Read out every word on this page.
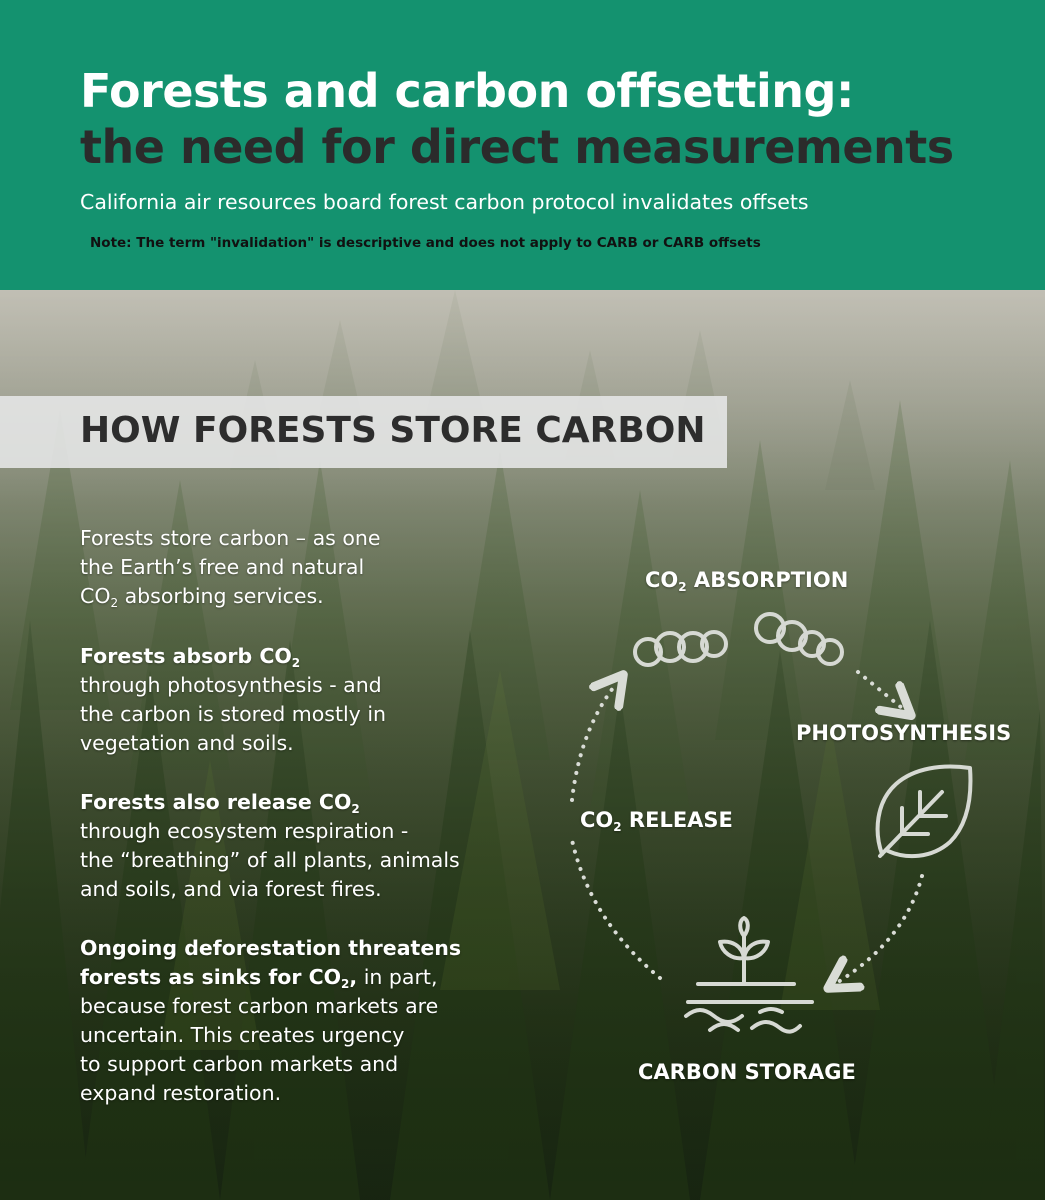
Forests and carbon offsetting:
the need for direct measurements
California air resources board forest carbon protocol invalidates offsets
Note: The term "invalidation" is descriptive and does not apply to CARB or CARB offsets
HOW FORESTS STORE CARBON
Forests store carbon – as one
the Earth’s free and natural
$CO_2$ absorbing services.
Forests absorb $CO_2$
through photosynthesis - and
the carbon is stored mostly in
vegetation and soils.
Forests also release $CO_2$
through ecosystem respiration -
the “breathing” of all plants, animals
and soils, and via forest fires.
Ongoing deforestation threatens
forests as sinks for $CO_2$, in part,
because forest carbon markets are
uncertain. This creates urgency
to support carbon markets and
expand restoration.
$CO_2$ ABSORPTION
PHOTOSYNTHESIS
$CO_2$ RELEASE
CARBON STORAGE
